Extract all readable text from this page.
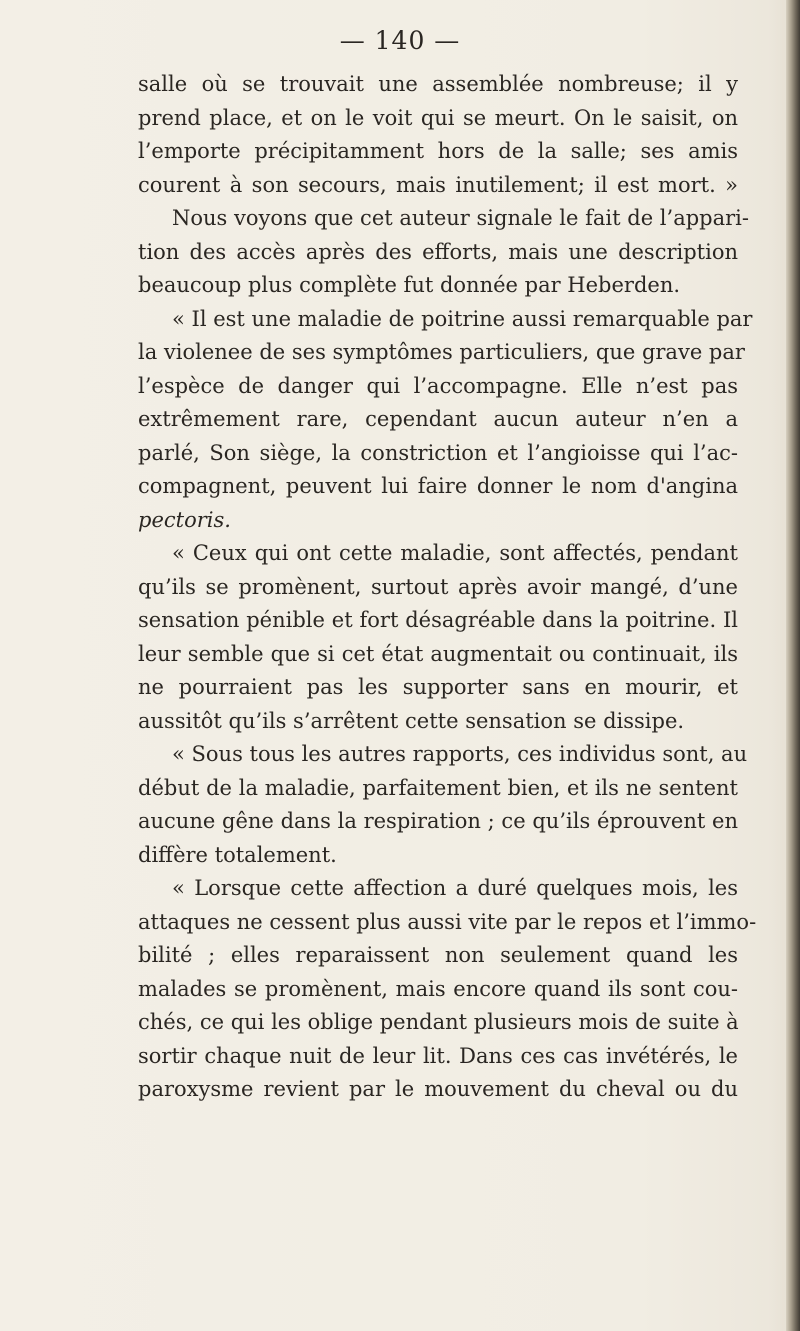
— 140 —
salle où se trouvait une assemblée nombreuse; il y
prend place, et on le voit qui se meurt. On le saisit, on
l’emporte précipitamment hors de la salle; ses amis
courent à son secours, mais inutilement; il est mort. »
Nous voyons que cet auteur signale le fait de l’appari-
tion des accès après des efforts, mais une description
beaucoup plus complète fut donnée par Heberden.
« Il est une maladie de poitrine aussi remarquable par
la violenee de ses symptômes particuliers, que grave par
l’espèce de danger qui l’accompagne. Elle n’est pas
extrêmement rare, cependant aucun auteur n’en a
parlé, Son siège, la constriction et l’angioisse qui l’ac-
compagnent, peuvent lui faire donner le nom d'angina
pectoris.
« Ceux qui ont cette maladie, sont affectés, pendant
qu’ils se promènent, surtout après avoir mangé, d’une
sensation pénible et fort désagréable dans la poitrine. Il
leur semble que si cet état augmentait ou continuait, ils
ne pourraient pas les supporter sans en mourir, et
aussitôt qu’ils s’arrêtent cette sensation se dissipe.
« Sous tous les autres rapports, ces individus sont, au
début de la maladie, parfaitement bien, et ils ne sentent
aucune gêne dans la respiration ; ce qu’ils éprouvent en
diffère totalement.
« Lorsque cette affection a duré quelques mois, les
attaques ne cessent plus aussi vite par le repos et l’immo-
bilité ; elles reparaissent non seulement quand les
malades se promènent, mais encore quand ils sont cou-
chés, ce qui les oblige pendant plusieurs mois de suite à
sortir chaque nuit de leur lit. Dans ces cas invétérés, le
paroxysme revient par le mouvement du cheval ou du
